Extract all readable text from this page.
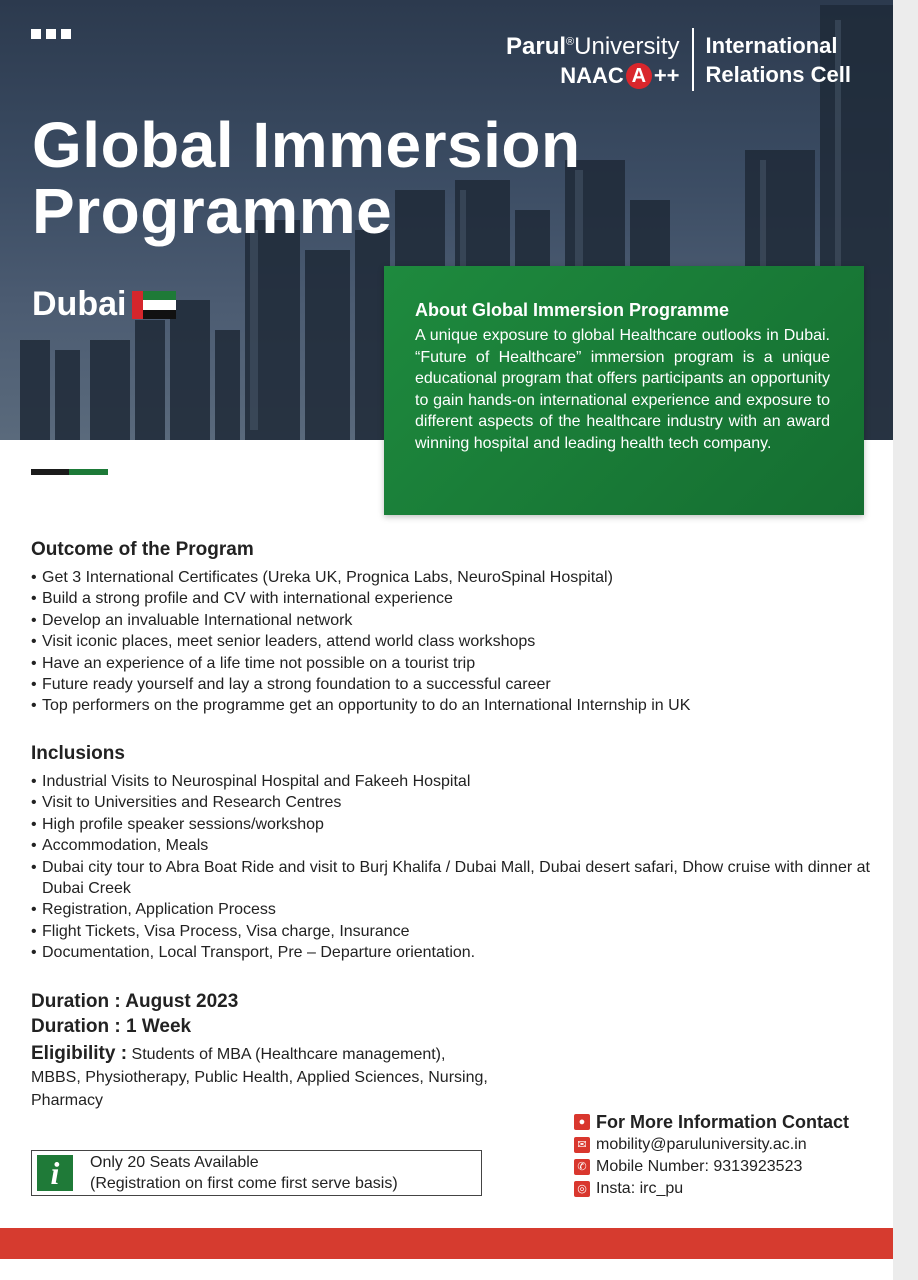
Parul®University
NAAC A ++
International
Relations Cell
Global Immersion
Programme
Dubai	About Global Immersion Programme

A unique exposure to global Healthcare outlooks in Dubai. “Future of Healthcare” immersion program is a unique educational program that offers participants an opportunity to gain hands-on international experience and exposure to different aspects of the healthcare industry with an award winning hospital and leading health tech company.

Outcome of the Program
• Get 3 International Certificates (Ureka UK, Prognica Labs, NeuroSpinal Hospital)
• Build a strong profile and CV with international experience
• Develop an invaluable International network
• Visit iconic places, meet senior leaders, attend world class workshops
• Have an experience of a life time not possible on a tourist trip
• Future ready yourself and lay a strong foundation to a successful career
• Top performers on the programme get an opportunity to do an International Internship in UK
Inclusions
• Industrial Visits to Neurospinal Hospital and Fakeeh Hospital
• Visit to Universities and Research Centres
• High profile speaker sessions/workshop
• Accommodation, Meals
• Dubai city tour to Abra Boat Ride and visit to Burj Khalifa / Dubai Mall, Dubai desert safari, Dhow cruise with dinner at Dubai Creek
• Registration, Application Process
• Flight Tickets, Visa Process, Visa charge, Insurance
• Documentation, Local Transport, Pre – Departure orientation.
Duration : August 2023
Duration : 1 Week
Eligibility : Students of MBA (Healthcare management), MBBS, Physiotherapy, Public Health, Applied Sciences, Nursing, Pharmacy
i	Only 20 Seats Available
(Registration on first come first serve basis)
● For More Information Contact
✉ mobility@paruluniversity.ac.in
✆ Mobile Number: 9313923523
◎ Insta: irc_pu
